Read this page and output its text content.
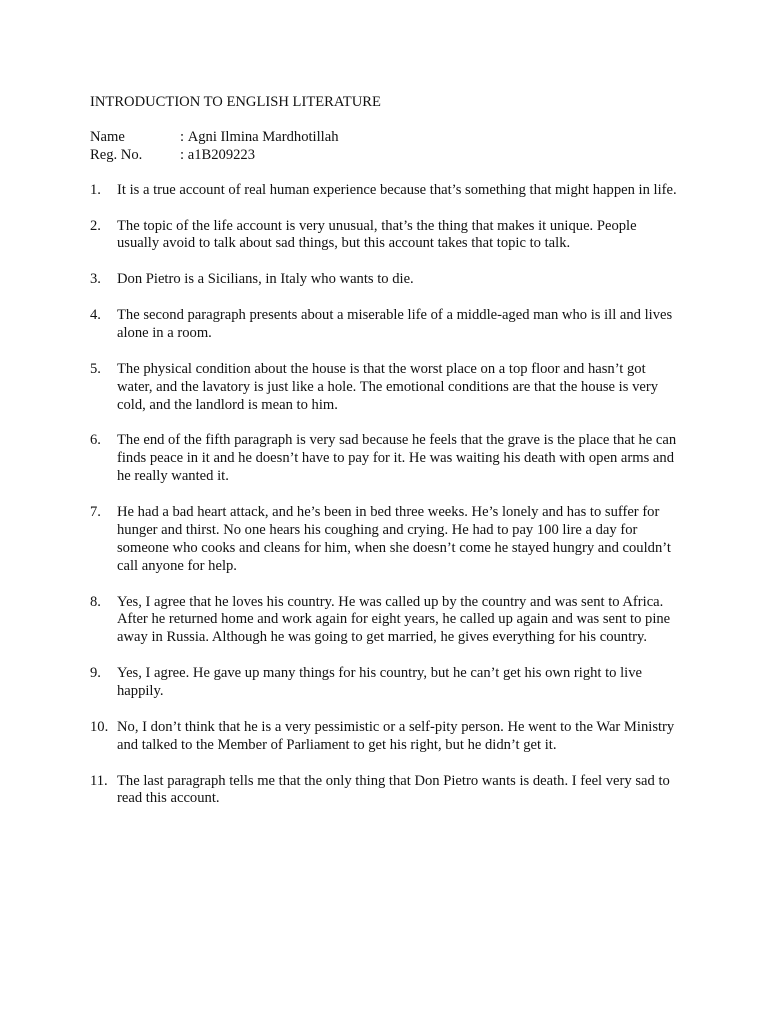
INTRODUCTION TO ENGLISH LITERATURE
Name	:
Agni Ilmina Mardhotillah
Reg. No.	:
a1B209223
1.	It is a true account of real human experience because that’s something that might happen in life.
2.	The topic of the life account is very unusual, that’s the thing that makes it unique. People usually avoid to talk about sad things, but this account takes that topic to talk.
3.	Don Pietro is a Sicilians, in Italy who wants to die.
4.	The second paragraph presents about a miserable life of a middle-aged man who is ill and lives alone in a room.
5.	The physical condition about the house is that the worst place on a top floor and hasn’t got water, and the lavatory is just like a hole. The emotional conditions are that the house is very cold, and the landlord is mean to him.
6.	The end of the fifth paragraph is very sad because he feels that the grave is the place that he can finds peace in it and he doesn’t have to pay for it. He was waiting his death with open arms and he really wanted it.
7.	He had a bad heart attack, and he’s been in bed three weeks. He’s lonely and has to suffer for hunger and thirst. No one hears his coughing and crying. He had to pay 100 lire a day for someone who cooks and cleans for him, when she doesn’t come he stayed hungry and couldn’t call anyone for help.
8.	Yes, I agree that he loves his country. He was called up by the country and was sent to Africa. After he returned home and work again for eight years, he called up again and was sent to pine away in Russia. Although he was going to get married, he gives everything for his country.
9.	Yes, I agree. He gave up many things for his country, but he can’t get his own right to live happily.
10. No, I don’t think that he is a very pessimistic or a self-pity person. He went to the War Ministry and talked to the Member of Parliament to get his right, but he didn’t get it.
11. The last paragraph tells me that the only thing that Don Pietro wants is death. I feel very sad to read this account.
